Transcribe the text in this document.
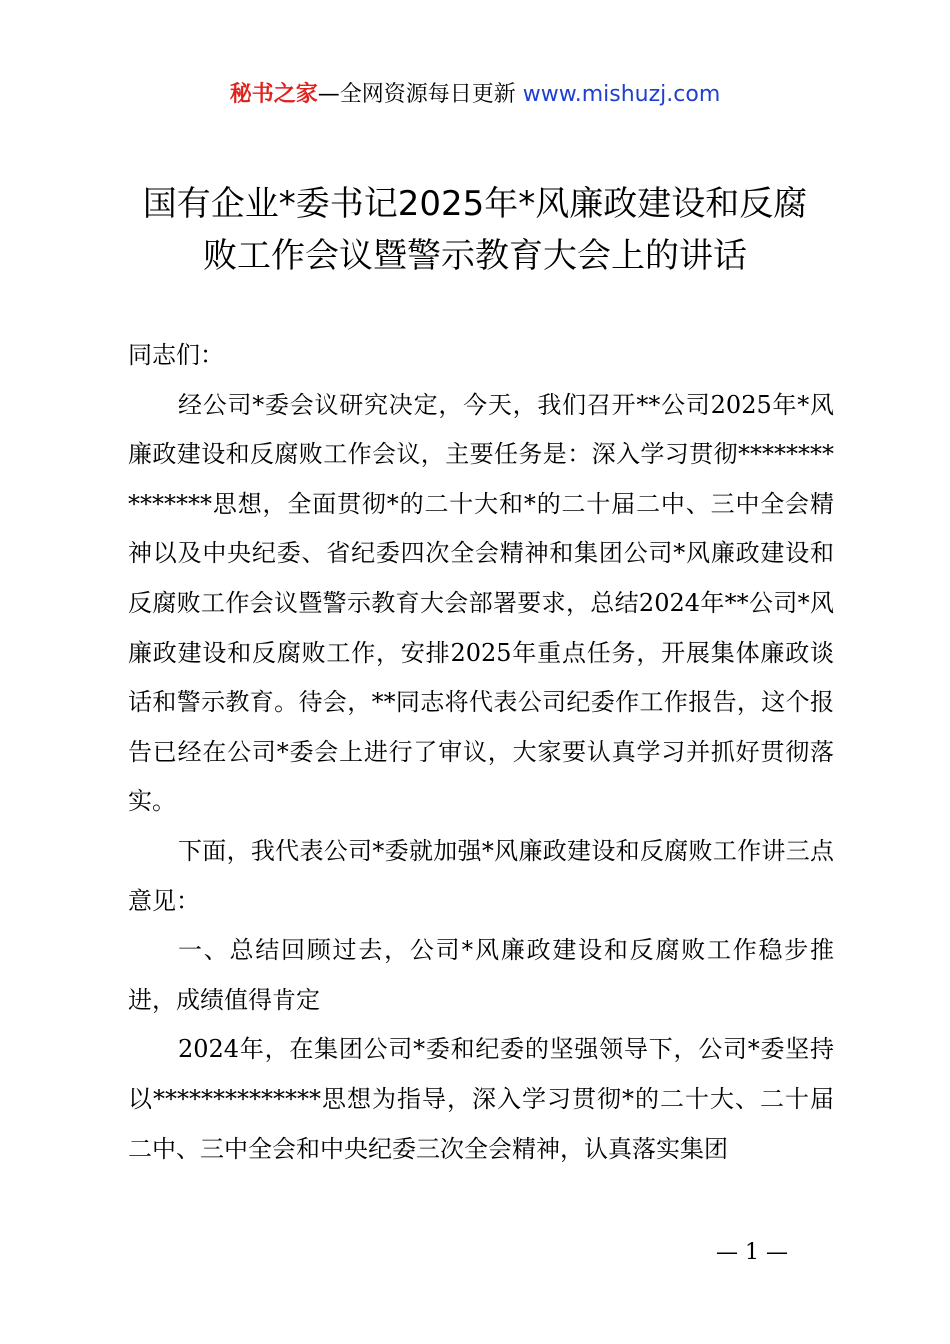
秘书之家—全网资源每日更新 www.mishuzj.com
国有企业*委书记2025年*风廉政建设和反腐
败工作会议暨警示教育大会上的讲话

同志们：

经公司*委会议研究决定，今天，我们召开**公司2025年*风廉政建设和反腐败工作会议，主要任务是：深入学习贯彻***************思想，全面贯彻*的二十大和*的二十届二中、三中全会精神以及中央纪委、省纪委四次全会精神和集团公司*风廉政建设和反腐败工作会议暨警示教育大会部署要求，总结2024年**公司*风廉政建设和反腐败工作，安排2025年重点任务，开展集体廉政谈话和警示教育。待会，**同志将代表公司纪委作工作报告，这个报告已经在公司*委会上进行了审议，大家要认真学习并抓好贯彻落实。

下面，我代表公司*委就加强*风廉政建设和反腐败工作讲三点意见：

一、总结回顾过去，公司*风廉政建设和反腐败工作稳步推进，成绩值得肯定

2024年，在集团公司*委和纪委的坚强领导下，公司*委坚持以**************思想为指导，深入学习贯彻*的二十大、二十届二中、三中全会和中央纪委三次全会精神，认真落实集团

— 1 —
